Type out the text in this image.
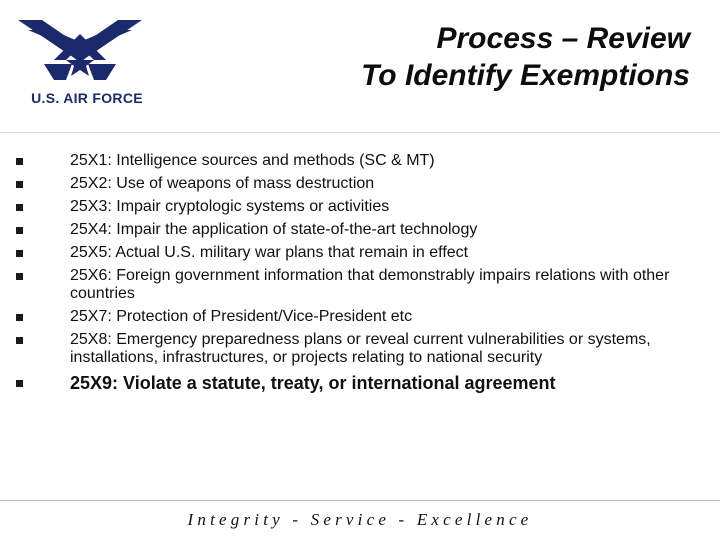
U.S. AIR FORCE
Process – Review
To Identify Exemptions
25X1: Intelligence sources and methods (SC & MT)
25X2: Use of weapons of mass destruction
25X3: Impair cryptologic systems or activities
25X4: Impair the application of state-of-the-art technology
25X5: Actual U.S. military war plans that remain in effect
25X6: Foreign government information that demonstrably impairs relations with other countries
25X7: Protection of President/Vice-President etc
25X8: Emergency preparedness plans or reveal current vulnerabilities or systems, installations, infrastructures, or projects relating to national security
25X9: Violate a statute, treaty, or international agreement
Integrity - Service - Excellence
